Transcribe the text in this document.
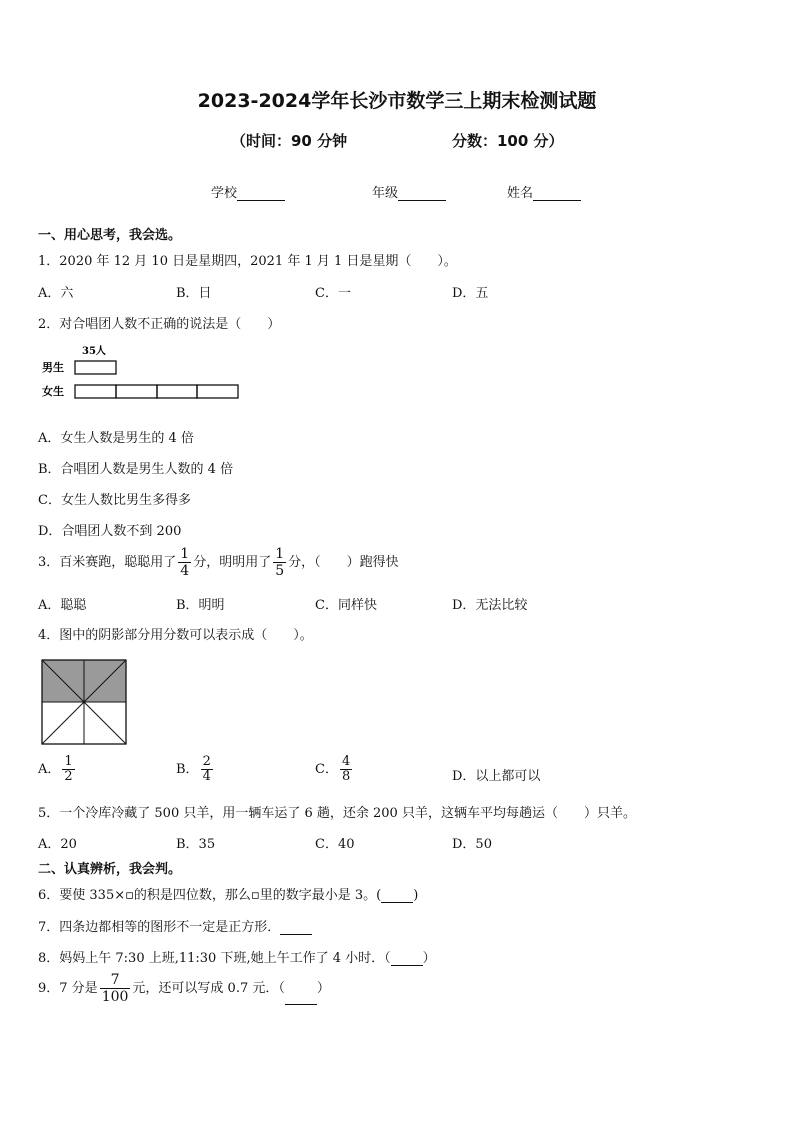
2023-2024学年长沙市数学三上期末检测试题
（时间：90 分钟	分数：100 分）
学校	年级	姓名
一、用心思考，我会选。
1．2020 年 12 月 10 日是星期四，2021 年 1 月 1 日是星期（　　）。
A．六	B．日	C．一	D．五
2．对合唱团人数不正确的说法是（　　）
35人
男生
女生
A．女生人数是男生的 4 倍
B．合唱团人数是男生人数的 4 倍
C．女生人数比男生多得多
D．合唱团人数不到 200
3．百米赛跑，聪聪用了 $\frac{1}{4}$ 分，明明用了 $\frac{1}{5}$ 分，（　　）跑得快
A．聪聪	B．明明	C．同样快	D．无法比较
4．图中的阴影部分用分数可以表示成（　　）。
A． $\frac{1}{2}$	B． $\frac{2}{4}$	C． $\frac{4}{8}$	D．以上都可以
5．一个冷库冷藏了 500 只羊，用一辆车运了 6 趟，还余 200 只羊，这辆车平均每趟运（　　）只羊。
A．20	B．35	C．40	D．50
二、认真辨析，我会判。
6．要使 335×▫的积是四位数，那么▫里的数字最小是 3。( )
7．四条边都相等的图形不一定是正方形．
8．妈妈上午 7:30 上班,11:30 下班,她上午工作了 4 小时．（ ）
9．7 分是 $\frac{7}{100}$ 元，还可以写成 0.7 元．（ ）
